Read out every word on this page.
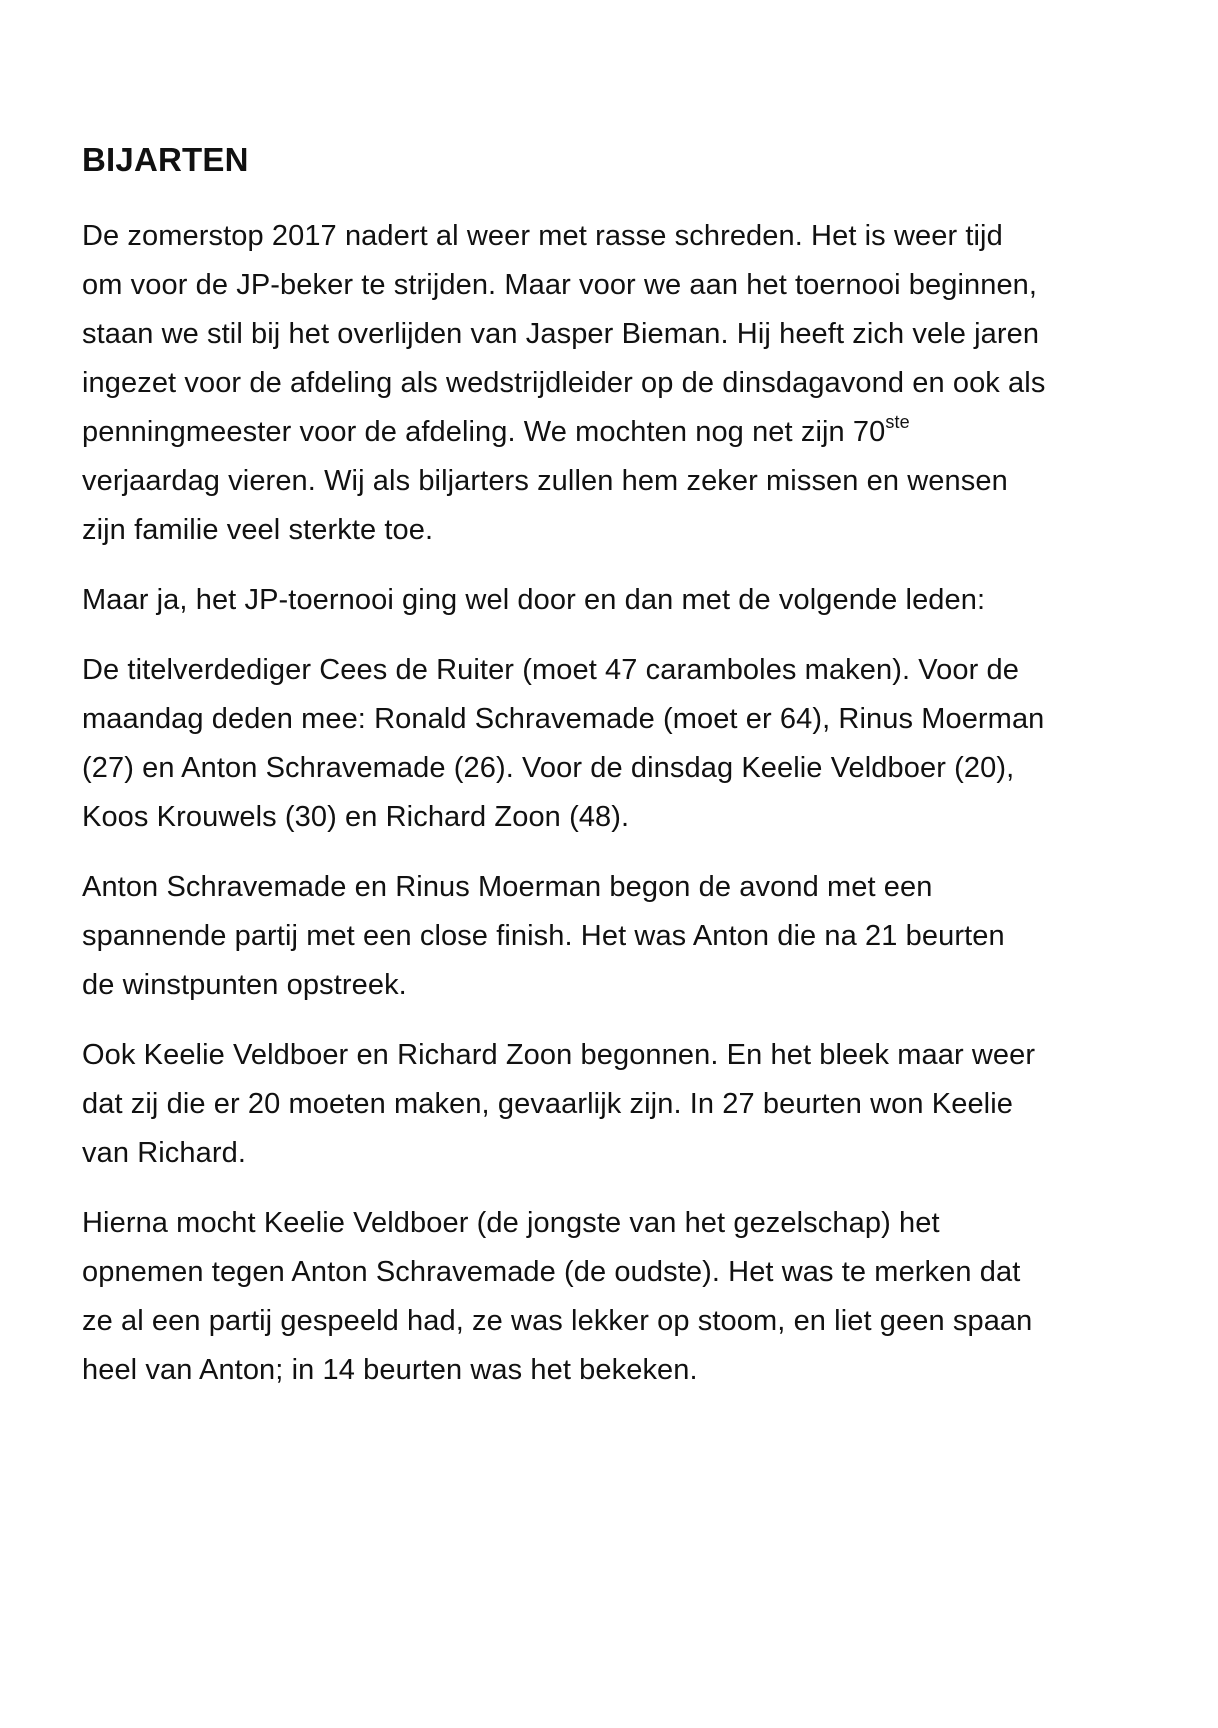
BIJARTEN

De zomerstop 2017 nadert al weer met rasse schreden. Het is weer tijd
om voor de JP-beker te strijden. Maar voor we aan het toernooi beginnen,
staan we stil bij het overlijden van Jasper Bieman. Hij heeft zich vele jaren
ingezet voor de afdeling als wedstrijdleider op de dinsdagavond en ook als
penningmeester voor de afdeling. We mochten nog net zijn 70ste
verjaardag vieren. Wij als biljarters zullen hem zeker missen en wensen
zijn familie veel sterkte toe.

Maar ja, het JP-toernooi ging wel door en dan met de volgende leden:

De titelverdediger Cees de Ruiter (moet 47 caramboles maken). Voor de
maandag deden mee: Ronald Schravemade (moet er 64), Rinus Moerman
(27) en Anton Schravemade (26). Voor de dinsdag Keelie Veldboer (20),
Koos Krouwels (30) en Richard Zoon (48).

Anton Schravemade en Rinus Moerman begon de avond met een
spannende partij met een close finish. Het was Anton die na 21 beurten
de winstpunten opstreek.

Ook Keelie Veldboer en Richard Zoon begonnen. En het bleek maar weer
dat zij die er 20 moeten maken, gevaarlijk zijn. In 27 beurten won Keelie
van Richard.

Hierna mocht Keelie Veldboer (de jongste van het gezelschap) het
opnemen tegen Anton Schravemade (de oudste). Het was te merken dat
ze al een partij gespeeld had, ze was lekker op stoom, en liet geen spaan
heel van Anton; in 14 beurten was het bekeken.
